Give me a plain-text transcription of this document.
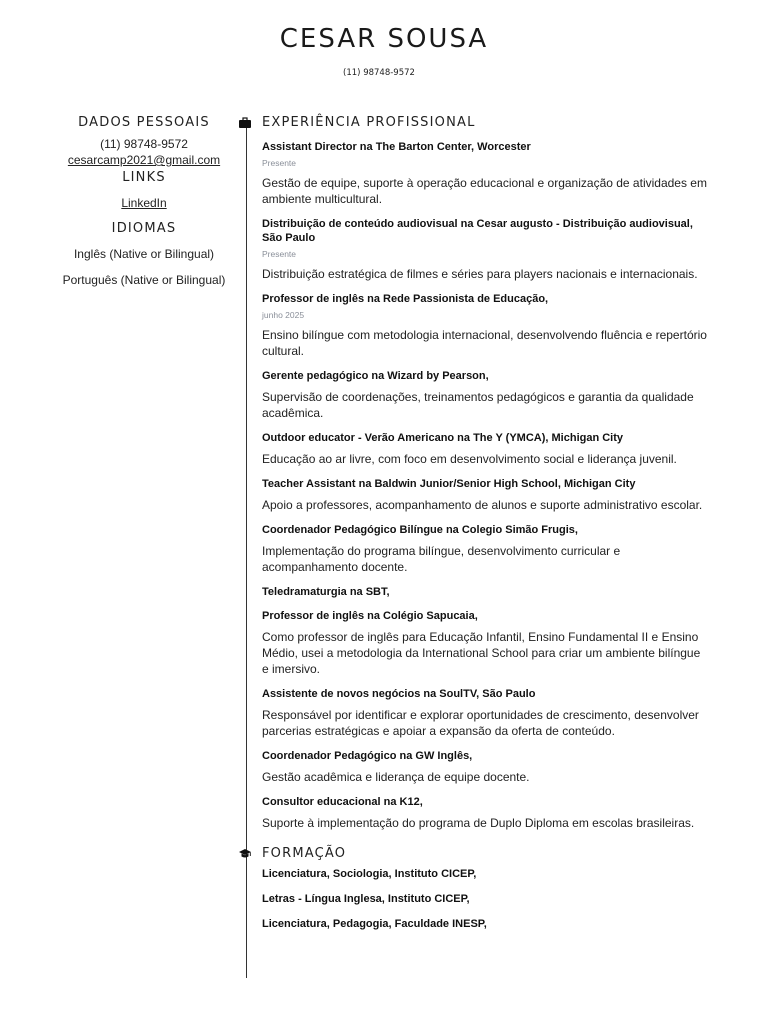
CESAR SOUSA
(11) 98748-9572
DADOS PESSOAIS
(11) 98748-9572
cesarcamp2021@gmail.com
LINKS
LinkedIn
IDIOMAS
Inglês (Native or Bilingual)
Português (Native or Bilingual)
EXPERIÊNCIA PROFISSIONAL
Assistant Director na The Barton Center, Worcester
Presente
Gestão de equipe, suporte à operação educacional e organização de atividades em ambiente multicultural.
Distribuição de conteúdo audiovisual na Cesar augusto - Distribuição audiovisual, São Paulo
Presente
Distribuição estratégica de filmes e séries para players nacionais e internacionais.
Professor de inglês na Rede Passionista de Educação,
junho 2025
Ensino bilíngue com metodologia internacional, desenvolvendo fluência e repertório cultural.
Gerente pedagógico na Wizard by Pearson,
Supervisão de coordenações, treinamentos pedagógicos e garantia da qualidade acadêmica.
Outdoor educator - Verão Americano na The Y (YMCA), Michigan City
Educação ao ar livre, com foco em desenvolvimento social e liderança juvenil.
Teacher Assistant na Baldwin Junior/Senior High School, Michigan City
Apoio a professores, acompanhamento de alunos e suporte administrativo escolar.
Coordenador Pedagógico Bilíngue na Colegio Simão Frugis,
Implementação do programa bilíngue, desenvolvimento curricular e acompanhamento docente.
Teledramaturgia na SBT,
Professor de inglês na Colégio Sapucaia,
Como professor de inglês para Educação Infantil, Ensino Fundamental II e Ensino Médio, usei a metodologia da International School para criar um ambiente bilíngue e imersivo.
Assistente de novos negócios na SoulTV, São Paulo
Responsável por identificar e explorar oportunidades de crescimento, desenvolver parcerias estratégicas e apoiar a expansão da oferta de conteúdo.
Coordenador Pedagógico na GW Inglês,
Gestão acadêmica e liderança de equipe docente.
Consultor educacional na K12,
Suporte à implementação do programa de Duplo Diploma em escolas brasileiras.
FORMAÇÃO
Licenciatura, Sociologia, Instituto CICEP,
Letras - Língua Inglesa, Instituto CICEP,
Licenciatura, Pedagogia, Faculdade INESP,
